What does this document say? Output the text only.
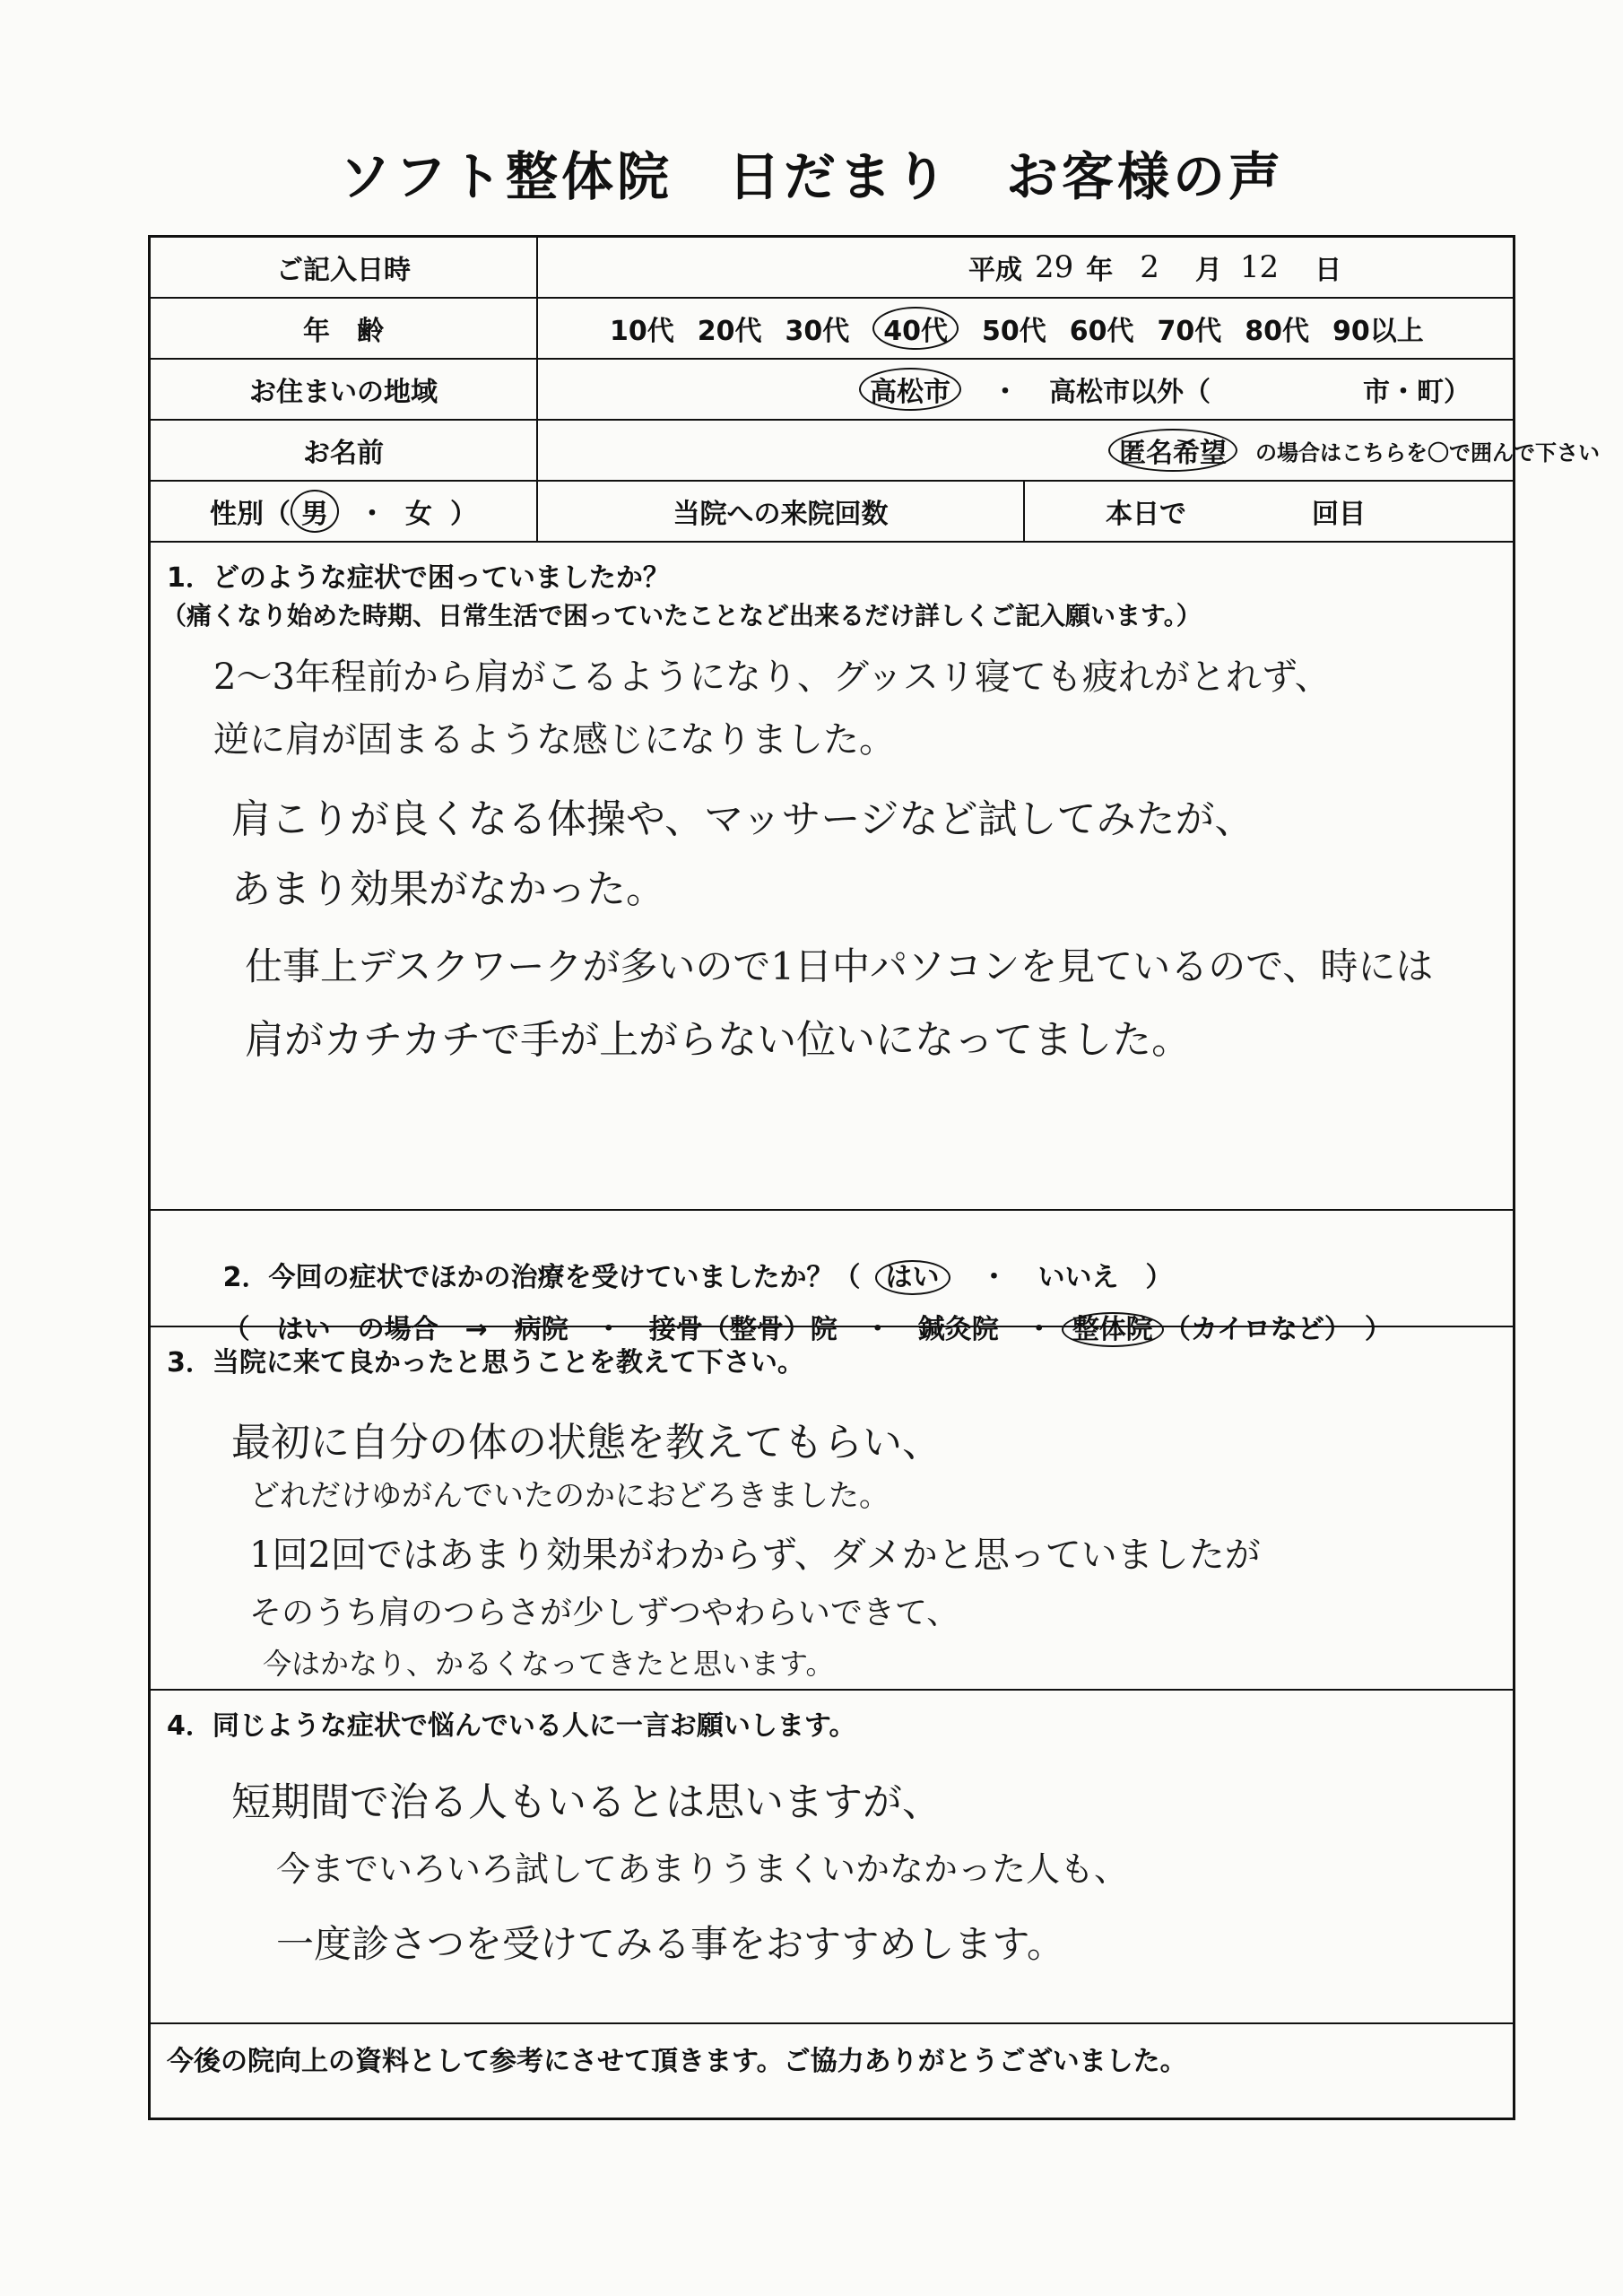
ソフト整体院　日だまり　お客様の声
ご記入日時	平成 29 年 2 月 12 日
年　齢	10代 20代 30代	40代	50代 60代 70代 80代 90以上
お住まいの地域	高松市	・ 高松市以外（	市・町）
お名前	匿名希望	の場合はこちらを〇で囲んで下さい
性別（ 男	・ 女 ）	当院への来院回数	本日で	回目
1．どのような症状で困っていましたか？
（痛くなり始めた時期、日常生活で困っていたことなど出来るだけ詳しくご記入願います。）
2〜3年程前から肩がこるようになり、グッスリ寝ても疲れがとれず、
逆に肩が固まるような感じになりました。
肩こりが良くなる体操や、マッサージなど試してみたが、
あまり効果がなかった。
仕事上デスクワークが多いので1日中パソコンを見ているので、時には
肩がカチカチで手が上がらない位いになってました。

2．今回の症状でほかの治療を受けていましたか？（ はい ・ いいえ　）

（　はい　の場合　→　病院　・　接骨（整骨）院　・　鍼灸院　・ 整体院 （カイロなど）　）

3．当院に来て良かったと思うことを教えて下さい。
最初に自分の体の状態を教えてもらい、
どれだけゆがんでいたのかにおどろきました。
1回2回ではあまり効果がわからず、ダメかと思っていましたが
そのうち肩のつらさが少しずつやわらいできて、
今はかなり、かるくなってきたと思います。
4．同じような症状で悩んでいる人に一言お願いします。
短期間で治る人もいるとは思いますが、
今までいろいろ試してあまりうまくいかなかった人も、
一度診さつを受けてみる事をおすすめします。
今後の院向上の資料として参考にさせて頂きます。ご協力ありがとうございました。
